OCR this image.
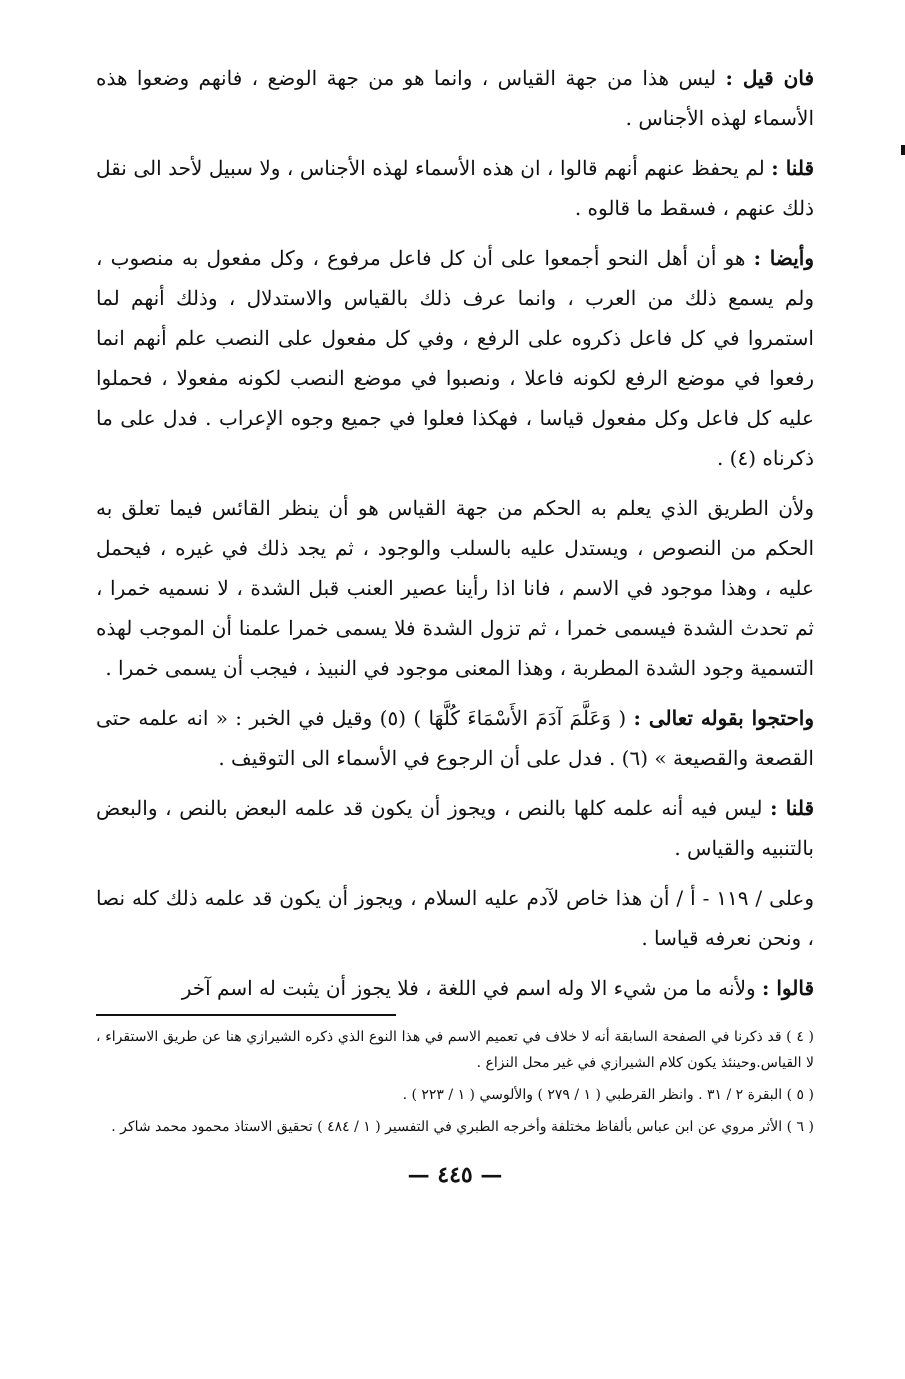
فان قيل : ليس هذا من جهة القياس ، وانما هو من جهة الوضع ، فانهم وضعوا هذه الأسماء لهذه الأجناس .

قلنا : لم يحفظ عنهم أنهم قالوا ، ان هذه الأسماء لهذه الأجناس ، ولا سبيل لأحد الى نقل ذلك عنهم ، فسقط ما قالوه .

وأيضا : هو أن أهل النحو أجمعوا على أن كل فاعل مرفوع ، وكل مفعول به منصوب ، ولم يسمع ذلك من العرب ، وانما عرف ذلك بالقياس والاستدلال ، وذلك أنهم لما استمروا في كل فاعل ذكروه على الرفع ، وفي كل مفعول على النصب علم أنهم انما رفعوا في موضع الرفع لكونه فاعلا ، ونصبوا في موضع النصب لكونه مفعولا ، فحملوا عليه كل فاعل وكل مفعول قياسا ، فهكذا فعلوا في جميع وجوه الإعراب . فدل على ما ذكرناه (٤) .

ولأن الطريق الذي يعلم به الحكم من جهة القياس هو أن ينظر القائس فيما تعلق به الحكم من النصوص ، ويستدل عليه بالسلب والوجود ، ثم يجد ذلك في غيره ، فيحمل عليه ، وهذا موجود في الاسم ، فانا اذا رأينا عصير العنب قبل الشدة ، لا نسميه خمرا ، ثم تحدث الشدة فيسمى خمرا ، ثم تزول الشدة فلا يسمى خمرا علمنا أن الموجب لهذه التسمية وجود الشدة المطربة ، وهذا المعنى موجود في النبيذ ، فيجب أن يسمى خمرا .

واحتجوا بقوله تعالى : ( وَعَلَّمَ آدَمَ الأَسْمَاءَ كُلَّهَا ) (٥) وقيل في الخبر : « انه علمه حتى القصعة والقصيعة » (٦) . فدل على أن الرجوع في الأسماء الى التوقيف .

قلنا : ليس فيه أنه علمه كلها بالنص ، ويجوز أن يكون قد علمه البعض بالنص ، والبعض بالتنبيه والقياس .

وعلى / ١١٩ - أ / أن هذا خاص لآدم عليه السلام ، ويجوز أن يكون قد علمه ذلك كله نصا ، ونحن نعرفه قياسا .

قالوا : ولأنه ما من شيء الا وله اسم في اللغة ، فلا يجوز أن يثبت له اسم آخر

( ٤ ) قد ذكرنا في الصفحة السابقة أنه لا خلاف في تعميم الاسم في هذا النوع الذي ذكره الشيرازي هنا عن طريق الاستقراء ، لا القياس.وحينئذ يكون كلام الشيرازي في غير محل النزاع .

( ٥ ) البقرة ٢ / ٣١ . وانظر القرطبي ( ١ / ٢٧٩ ) والألوسي ( ١ / ٢٢٣ ) .

( ٦ ) الأثر مروي عن ابن عباس بألفاظ مختلفة وأخرجه الطبري في التفسير ( ١ / ٤٨٤ ) تحقيق الاستاذ محمود محمد شاكر .

— ٤٤٥ —
